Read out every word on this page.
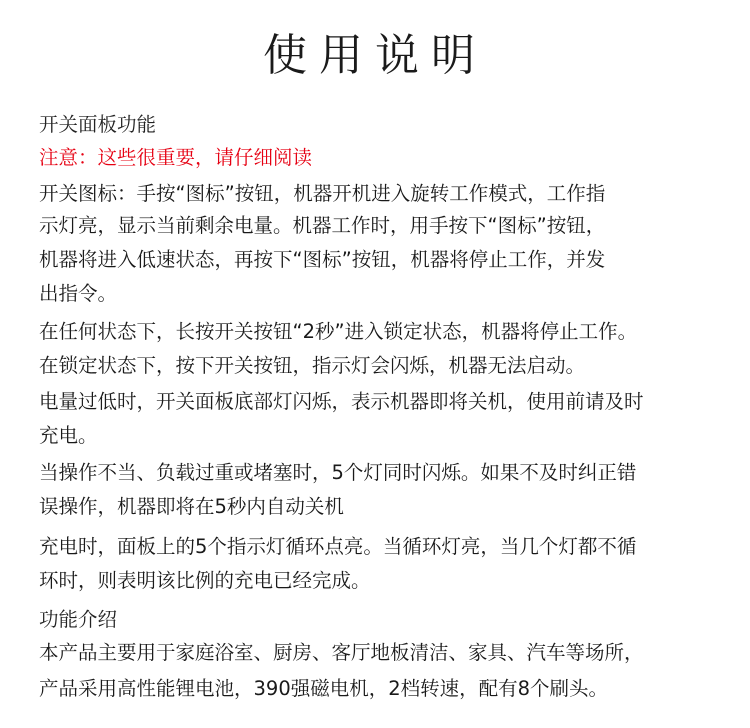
使用说明
开关面板功能
注意：这些很重要，请仔细阅读
开关图标：手按“图标”按钮，机器开机进入旋转工作模式，工作指
示灯亮，显示当前剩余电量。机器工作时，用手按下“图标”按钮，
机器将进入低速状态，再按下“图标”按钮，机器将停止工作，并发
出指令。
在任何状态下，长按开关按钮“2秒”进入锁定状态，机器将停止工作。
在锁定状态下，按下开关按钮，指示灯会闪烁，机器无法启动。
电量过低时，开关面板底部灯闪烁，表示机器即将关机，使用前请及时
充电。
当操作不当、负载过重或堵塞时，5个灯同时闪烁。如果不及时纠正错
误操作，机器即将在5秒内自动关机
充电时，面板上的5个指示灯循环点亮。当循环灯亮，当几个灯都不循
环时，则表明该比例的充电已经完成。
功能介绍
本产品主要用于家庭浴室、厨房、客厅地板清洁、家具、汽车等场所，
产品采用高性能锂电池，390强磁电机，2档转速，配有8个刷头。
